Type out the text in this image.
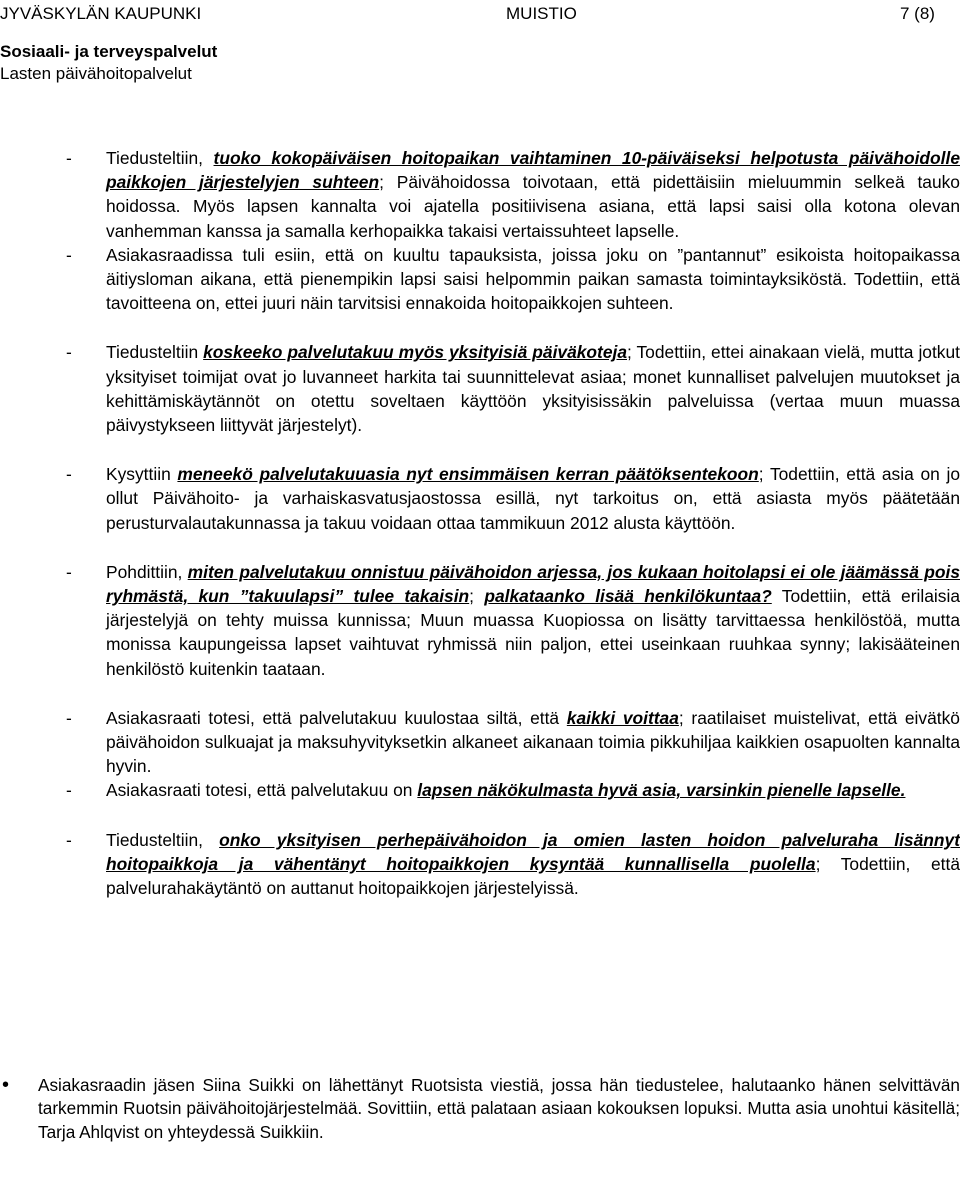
JYVÄSKYLÄN KAUPUNKI	MUISTIO	7 (8)
Sosiaali- ja terveyspalvelut
Lasten päivähoitopalvelut
- Tiedusteltiin, tuoko kokopäiväisen hoitopaikan vaihtaminen 10-päiväiseksi helpotusta päivähoidolle paikkojen järjestelyjen suhteen; Päivähoidossa toivotaan, että pidettäisiin mieluummin selkeä tauko hoidossa. Myös lapsen kannalta voi ajatella positiivisena asiana, että lapsi saisi olla kotona olevan vanhemman kanssa ja samalla kerhopaikka takaisi vertaissuhteet lapselle.
- Asiakasraadissa tuli esiin, että on kuultu tapauksista, joissa joku on ”pantannut” esikoista hoitopaikassa äitiysloman aikana, että pienempikin lapsi saisi helpommin paikan samasta toimintayksiköstä. Todettiin, että tavoitteena on, ettei juuri näin tarvitsisi ennakoida hoitopaikkojen suhteen.
- Tiedusteltiin koskeeko palvelutakuu myös yksityisiä päiväkoteja; Todettiin, ettei ainakaan vielä, mutta jotkut yksityiset toimijat ovat jo luvanneet harkita tai suunnittelevat asiaa; monet kunnalliset palvelujen muutokset ja kehittämiskäytännöt on otettu soveltaen käyttöön yksityisissäkin palveluissa (vertaa muun muassa päivystykseen liittyvät järjestelyt).
- Kysyttiin meneekö palvelutakuuasia nyt ensimmäisen kerran päätöksentekoon; Todettiin, että asia on jo ollut Päivähoito- ja varhaiskasvatusjaostossa esillä, nyt tarkoitus on, että asiasta myös päätetään perusturvalautakunnassa ja takuu voidaan ottaa tammikuun 2012 alusta käyttöön.
- Pohdittiin, miten palvelutakuu onnistuu päivähoidon arjessa, jos kukaan hoitolapsi ei ole jäämässä pois ryhmästä, kun ”takuulapsi” tulee takaisin; palkataanko lisää henkilökuntaa? Todettiin, että erilaisia järjestelyjä on tehty muissa kunnissa; Muun muassa Kuopiossa on lisätty tarvittaessa henkilöstöä, mutta monissa kaupungeissa lapset vaihtuvat ryhmissä niin paljon, ettei useinkaan ruuhkaa synny; lakisääteinen henkilöstö kuitenkin taataan.
- Asiakasraati totesi, että palvelutakuu kuulostaa siltä, että kaikki voittaa; raatilaiset muistelivat, että eivätkö päivähoidon sulkuajat ja maksuhyvityksetkin alkaneet aikanaan toimia pikkuhiljaa kaikkien osapuolten kannalta hyvin.
- Asiakasraati totesi, että palvelutakuu on lapsen näkökulmasta hyvä asia, varsinkin pienelle lapselle.
- Tiedusteltiin, onko yksityisen perhepäivähoidon ja omien lasten hoidon palveluraha lisännyt hoitopaikkoja ja vähentänyt hoitopaikkojen kysyntää kunnallisella puolella; Todettiin, että palvelurahakäytäntö on auttanut hoitopaikkojen järjestelyissä.
• Asiakasraadin jäsen Siina Suikki on lähettänyt Ruotsista viestiä, jossa hän tiedustelee, halutaanko hänen selvittävän tarkemmin Ruotsin päivähoitojärjestelmää. Sovittiin, että palataan asiaan kokouksen lopuksi. Mutta asia unohtui käsitellä; Tarja Ahlqvist on yhteydessä Suikkiin.
